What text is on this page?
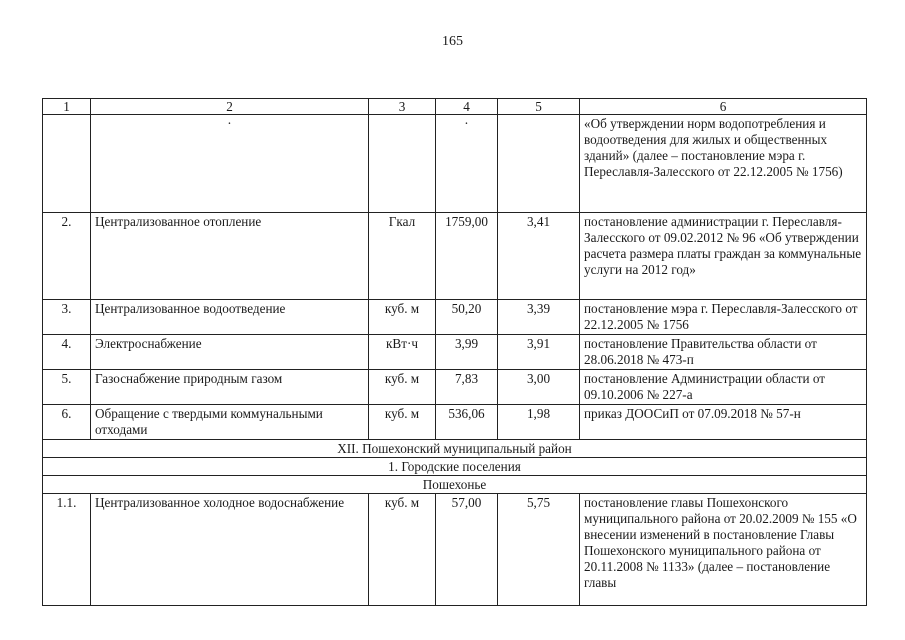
165
1	2	3	4	5	6
	·		·		«Об утверждении норм водопотребления и водоотведения для жилых и общественных зданий» (далее – постановление мэра г. Переславля-Залесского от 22.12.2005 № 1756)
2.	Централизованное отопление	Гкал	1759,00	3,41	постановление администрации г. Переславля-Залесского от 09.02.2012 № 96 «Об утверждении расчета размера платы граждан за коммунальные услуги на 2012 год»
3.	Централизованное водоотведение	куб. м	50,20	3,39	постановление мэра г. Переславля-Залесского от 22.12.2005 № 1756
4.	Электроснабжение	кВт·ч	3,99	3,91	постановление Правительства области от 28.06.2018 № 473-п
5.	Газоснабжение природным газом	куб. м	7,83	3,00	постановление Администрации области от 09.10.2006 № 227-а
6.	Обращение с твердыми коммунальными отходами	куб. м	536,06	1,98	приказ ДООСиП от 07.09.2018 № 57-н
XII. Пошехонский муниципальный район					
1. Городские поселения					
Пошехонье					
1.1.	Централизованное холодное водоснабжение	куб. м	57,00	5,75	постановление главы Пошехонского муниципального района от 20.02.2009 № 155 «О внесении изменений в постановление Главы Пошехонского муниципального района от 20.11.2008 № 1133» (далее – постановление главы
